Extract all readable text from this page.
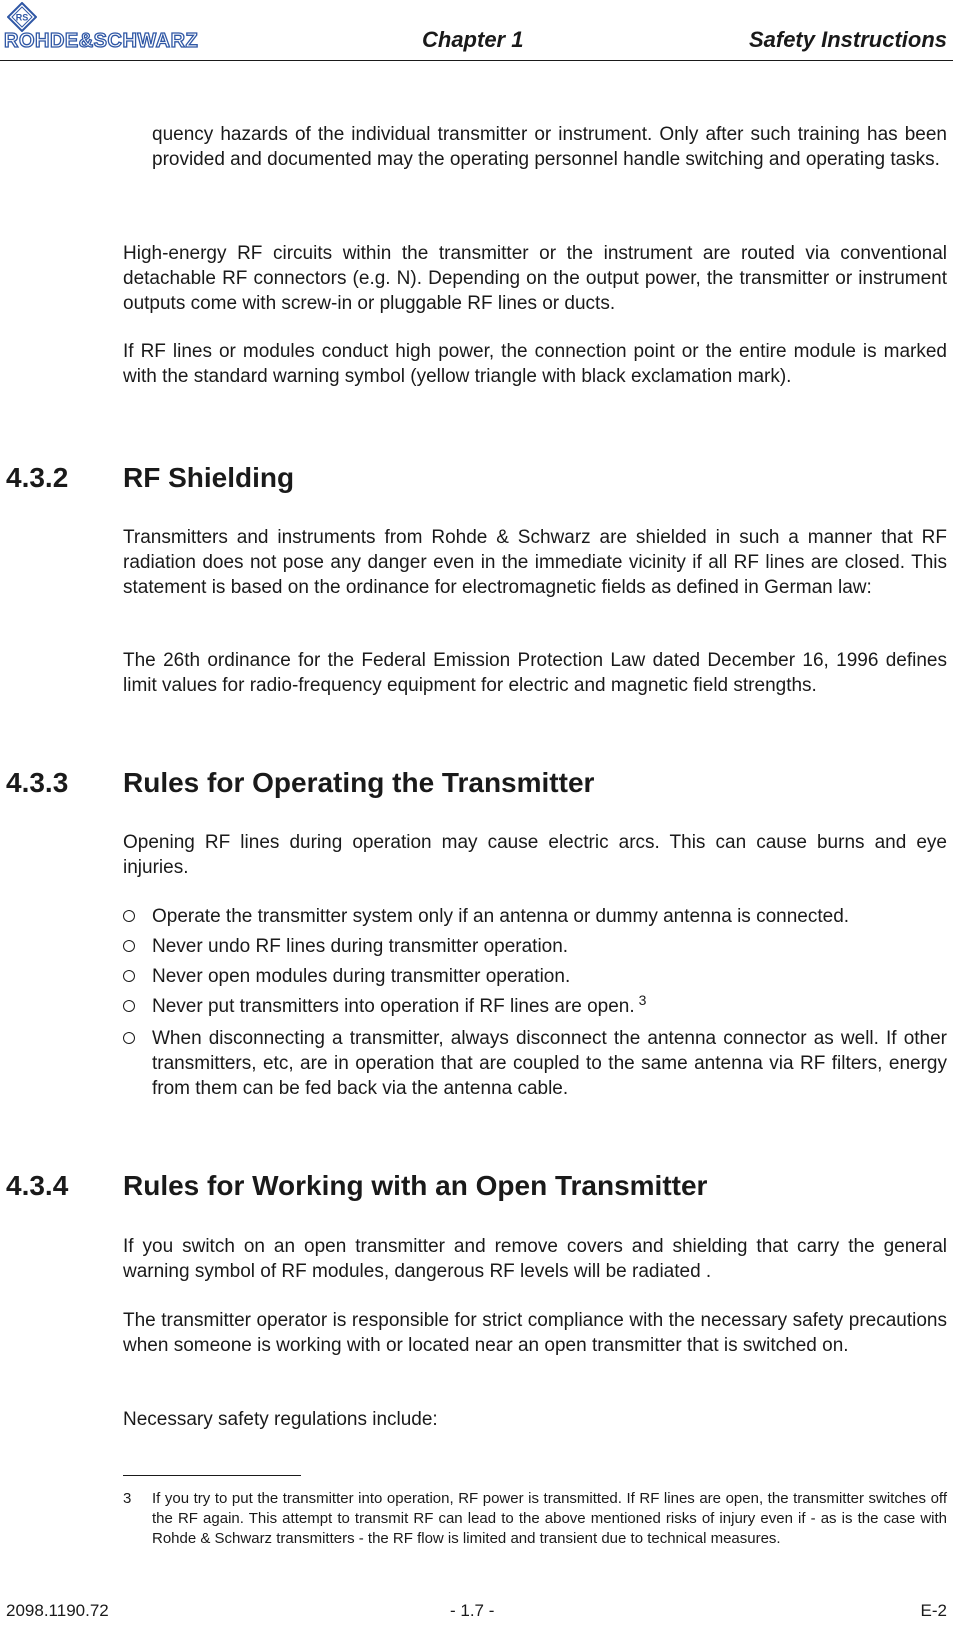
RS
ROHDE&SCHWARZ	Chapter 1	Safety Instructions

quency hazards of the individual transmitter or instrument. Only after such training has been provided and documented may the operating personnel handle switching and operating tasks.

High-energy RF circuits within the transmitter or the instrument are routed via conventional detachable RF connectors (e.g. N). Depending on the output power, the transmitter or instrument outputs come with screw-in or pluggable RF lines or ducts.

If RF lines or modules conduct high power, the connection point or the entire module is marked with the standard warning symbol (yellow triangle with black exclamation mark).

4.3.2 RF Shielding

Transmitters and instruments from Rohde & Schwarz are shielded in such a manner that RF radiation does not pose any danger even in the immediate vicinity if all RF lines are closed. This statement is based on the ordinance for electromagnetic fields as defined in German law:

The 26th ordinance for the Federal Emission Protection Law dated December 16, 1996 defines limit values for radio-frequency equipment for electric and magnetic field strengths.

4.3.3 Rules for Operating the Transmitter

Opening RF lines during operation may cause electric arcs. This can cause burns and eye injuries.

Operate the transmitter system only if an antenna or dummy antenna is connected.

Never undo RF lines during transmitter operation.

Never open modules during transmitter operation.

Never put transmitters into operation if RF lines are open. $^3$

When disconnecting a transmitter, always disconnect the antenna connector as well. If other transmitters, etc, are in operation that are coupled to the same antenna via RF filters, energy from them can be fed back via the antenna cable.

4.3.4 Rules for Working with an Open Transmitter

If you switch on an open transmitter and remove covers and shielding that carry the general warning symbol of RF modules, dangerous RF levels will be radiated .

The transmitter operator is responsible for strict compliance with the necessary safety precautions when someone is working with or located near an open transmitter that is switched on.

Necessary safety regulations include:

3 If you try to put the transmitter into operation, RF power is transmitted. If RF lines are open, the transmitter switches off the RF again. This attempt to transmit RF can lead to the above mentioned risks of injury even if - as is the case with Rohde & Schwarz transmitters - the RF flow is limited and transient due to technical measures.

2098.1190.72	- 1.7 -	E-2
